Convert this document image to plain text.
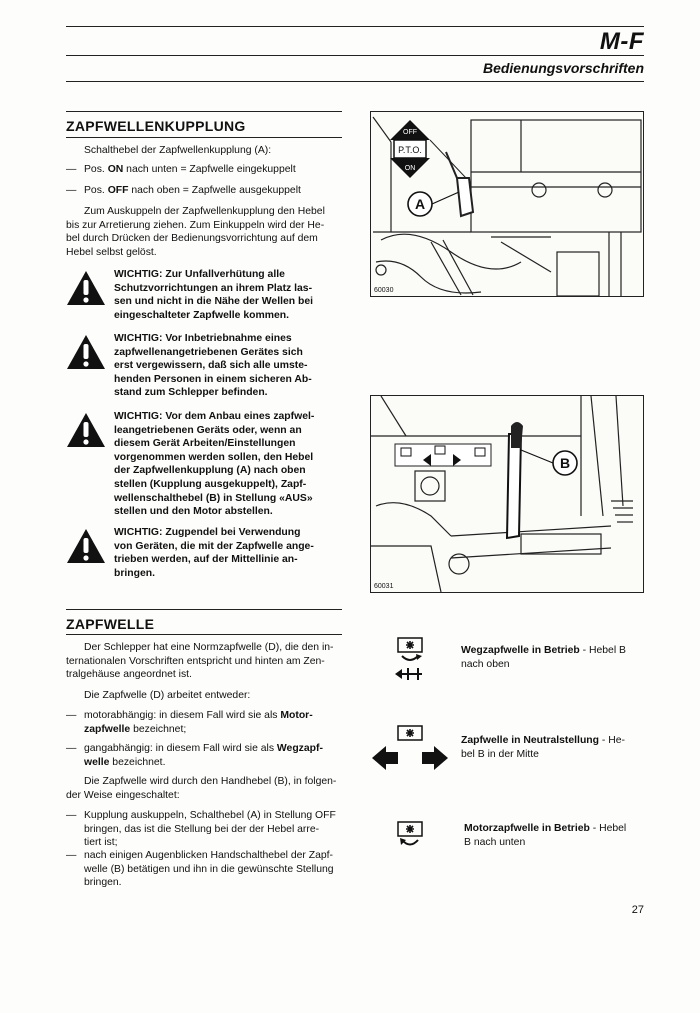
M-F
Bedienungsvorschriften
ZAPFWELLENKUPPLUNG

Schalthebel der Zapfwellenkupplung (A):

— Pos. ON nach unten = Zapfwelle eingekuppelt
— Pos. OFF nach oben = Zapfwelle ausgekuppelt
Zum Auskuppeln der Zapfwellenkupplung den Hebel
bis zur Arretierung ziehen. Zum Einkuppeln wird der He-
bel durch Drücken der Bedienungsvorrichtung auf dem
Hebel selbst gelöst.
WICHTIG: Zur Unfallverhütung alle
Schutzvorrichtungen an ihrem Platz las-
sen und nicht in die Nähe der Wellen bei
eingeschalteter Zapfwelle kommen.
WICHTIG: Vor Inbetriebnahme eines
zapfwellenangetriebenen Gerätes sich
erst vergewissern, daß sich alle umste-
henden Personen in einem sicheren Ab-
stand zum Schlepper befinden.
WICHTIG: Vor dem Anbau eines zapfwel-
leangetriebenen Geräts oder, wenn an
diesem Gerät Arbeiten/Einstellungen
vorgenommen werden sollen, den Hebel
der Zapfwellenkupplung (A) nach oben
stellen (Kupplung ausgekuppelt), Zapf-
wellenschalthebel (B) in Stellung «AUS»
stellen und den Motor abstellen.
WICHTIG: Zugpendel bei Verwendung
von Geräten, die mit der Zapfwelle ange-
trieben werden, auf der Mittellinie an-
bringen.
OFF
P.T.O.
ON
A
60030
B
60031
ZAPFWELLE
Der Schlepper hat eine Normzapfwelle (D), die den in-
ternationalen Vorschriften entspricht und hinten am Zen-
tralgehäuse angeordnet ist.
Die Zapfwelle (D) arbeitet entweder:
— motorabhängig: in diesem Fall wird sie als Motor-
zapfwelle bezeichnet;
— gangabhängig: in diesem Fall wird sie als Wegzapf-
welle bezeichnet.
Die Zapfwelle wird durch den Handhebel (B), in folgen-
der Weise eingeschaltet:
— Kupplung auskuppeln, Schalthebel (A) in Stellung OFF
bringen, das ist die Stellung bei der der Hebel arre-
tiert ist;
— nach einigen Augenblicken Handschalthebel der Zapf-
welle (B) betätigen und ihn in die gewünschte Stellung
bringen.
Wegzapfwelle in Betrieb - Hebel B
nach oben
Zapfwelle in Neutralstellung - He-
bel B in der Mitte
Motorzapfwelle in Betrieb - Hebel
B nach unten
27
